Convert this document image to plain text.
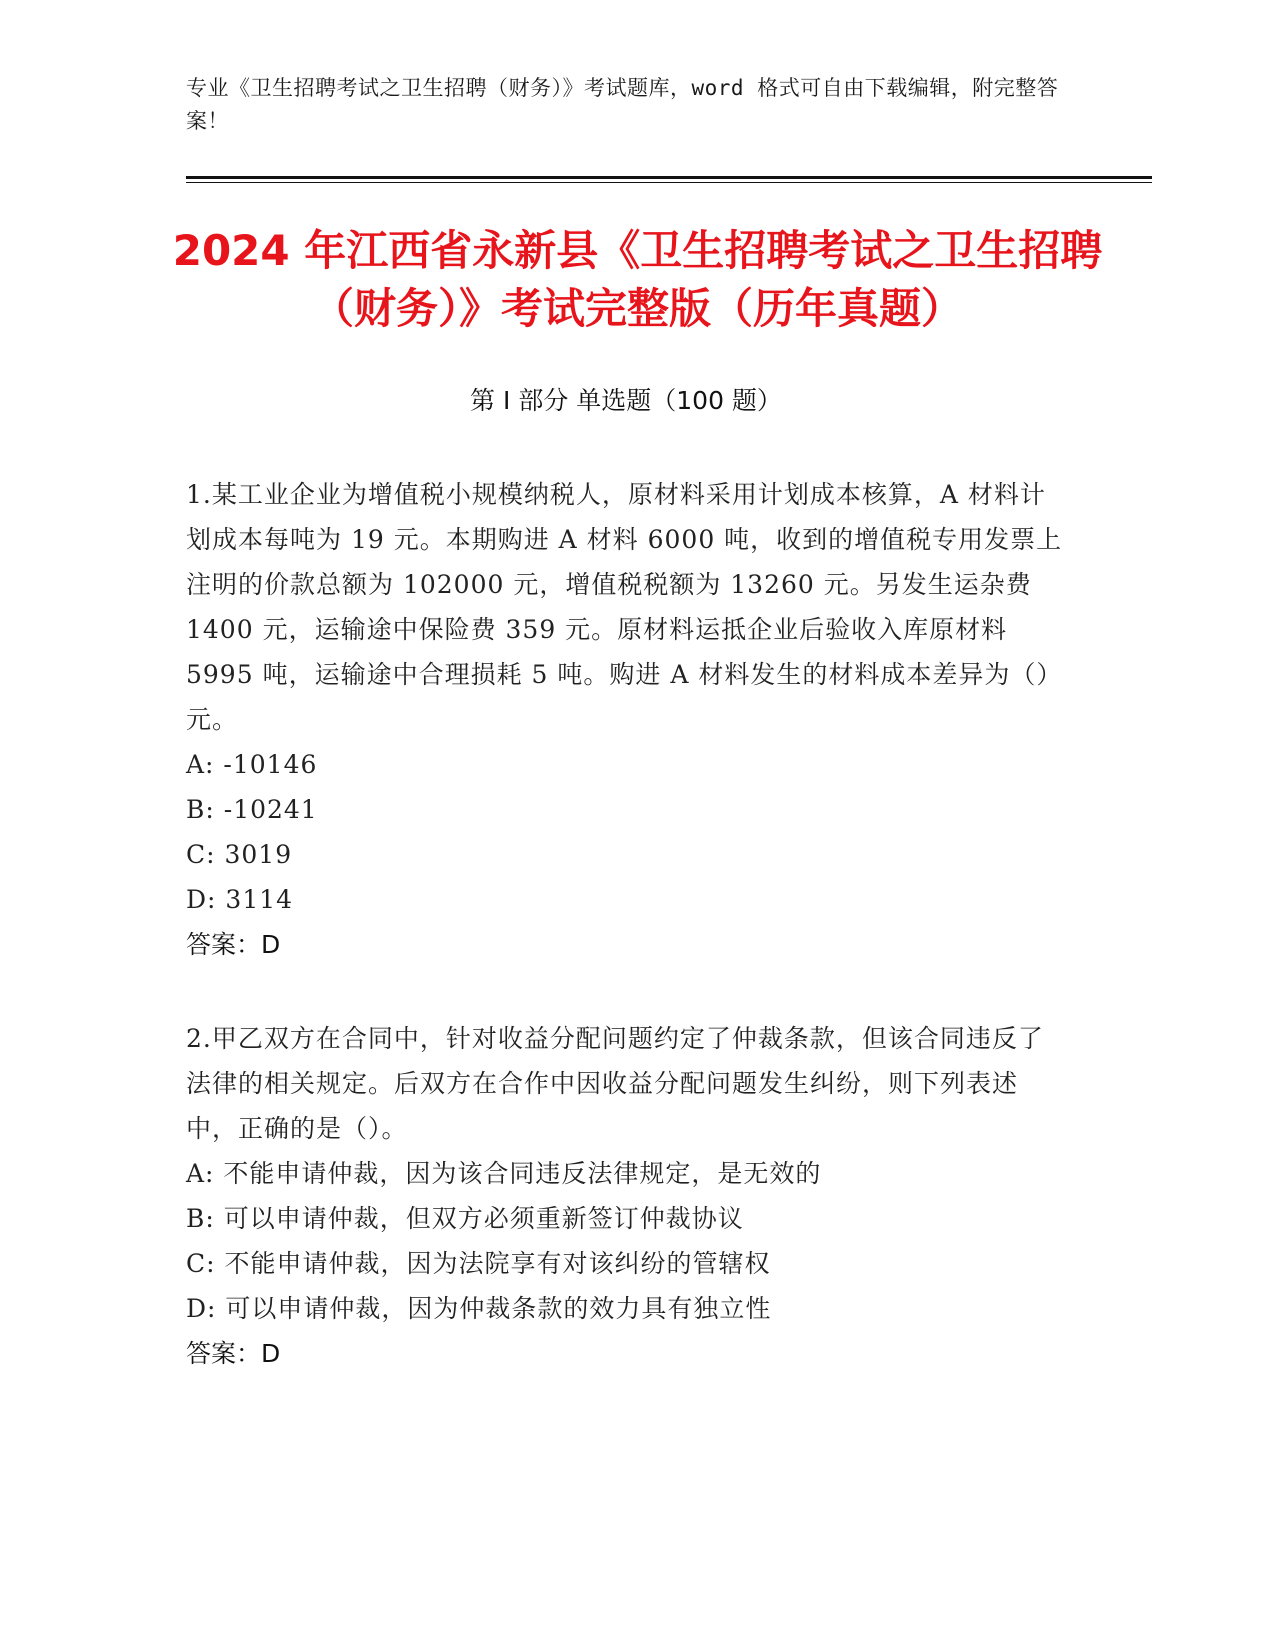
专业《卫生招聘考试之卫生招聘（财务）》考试题库，word 格式可自由下载编辑，附完整答案！
2024 年江西省永新县《卫生招聘考试之卫生招聘（财务）》考试完整版（历年真题）
第 I 部分 单选题（100 题）
1.某工业企业为增值税小规模纳税人，原材料采用计划成本核算，A 材料计划成本每吨为 19 元。本期购进 A 材料 6000 吨，收到的增值税专用发票上注明的价款总额为 102000 元，增值税税额为 13260 元。另发生运杂费 1400 元，运输途中保险费 359 元。原材料运抵企业后验收入库原材料 5995 吨，运输途中合理损耗 5 吨。购进 A 材料发生的材料成本差异为（）元。
A: -10146
B: -10241
C: 3019
D: 3114
答案：D
2.甲乙双方在合同中，针对收益分配问题约定了仲裁条款，但该合同违反了法律的相关规定。后双方在合作中因收益分配问题发生纠纷，则下列表述中，正确的是（）。
A: 不能申请仲裁，因为该合同违反法律规定，是无效的
B: 可以申请仲裁，但双方必须重新签订仲裁协议
C: 不能申请仲裁，因为法院享有对该纠纷的管辖权
D: 可以申请仲裁，因为仲裁条款的效力具有独立性
答案：D
